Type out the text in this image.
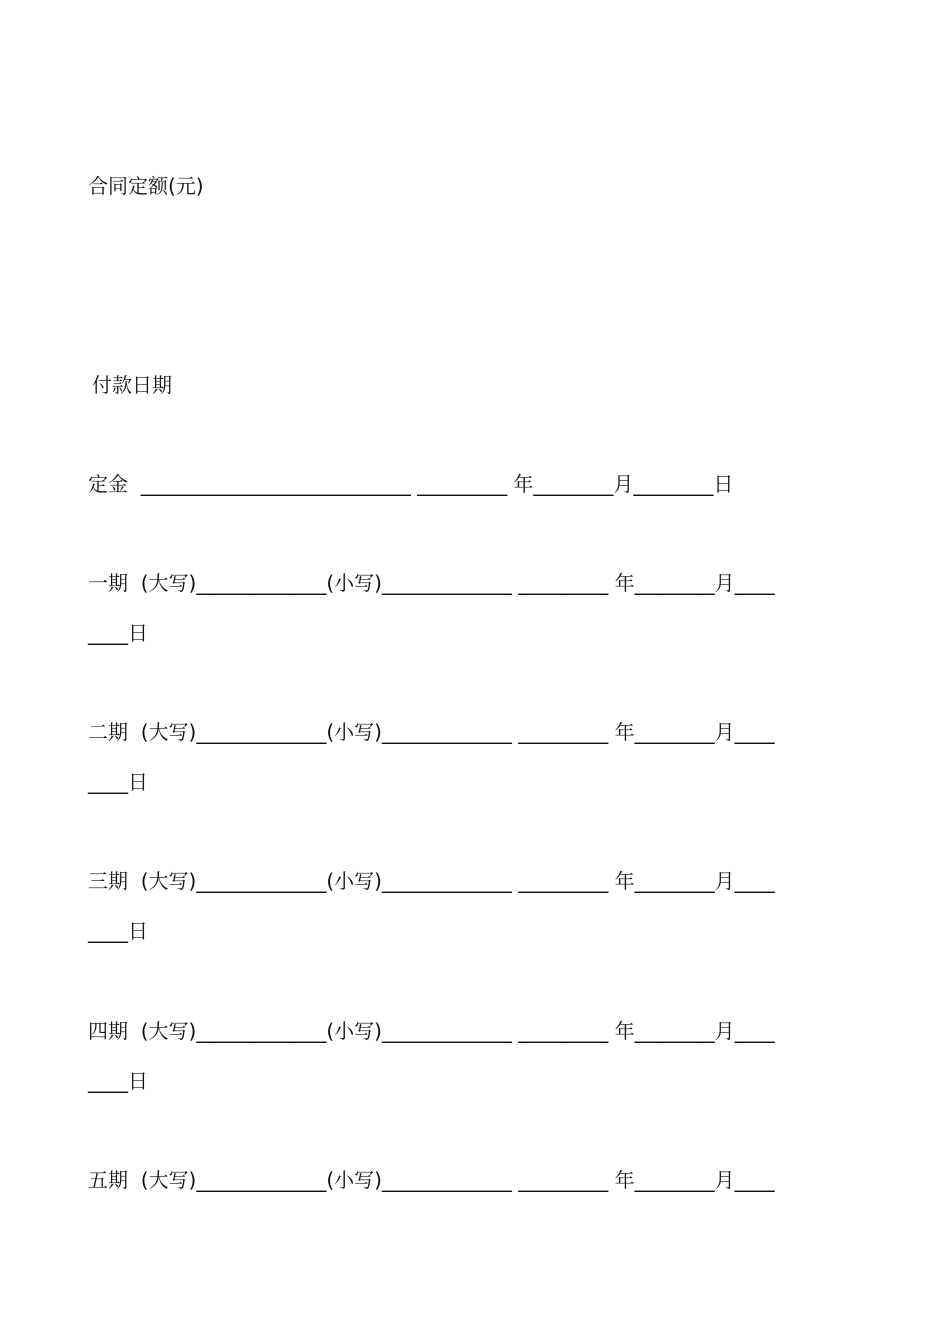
合同定额(元)

付款日期

定金  ___________________________ _________ 年________月________日

一期  (大写)_____________(小写)_____________ _________ 年________月____

____日

二期  (大写)_____________(小写)_____________ _________ 年________月____

____日

三期  (大写)_____________(小写)_____________ _________ 年________月____

____日

四期  (大写)_____________(小写)_____________ _________ 年________月____

____日

五期  (大写)_____________(小写)_____________ _________ 年________月____
